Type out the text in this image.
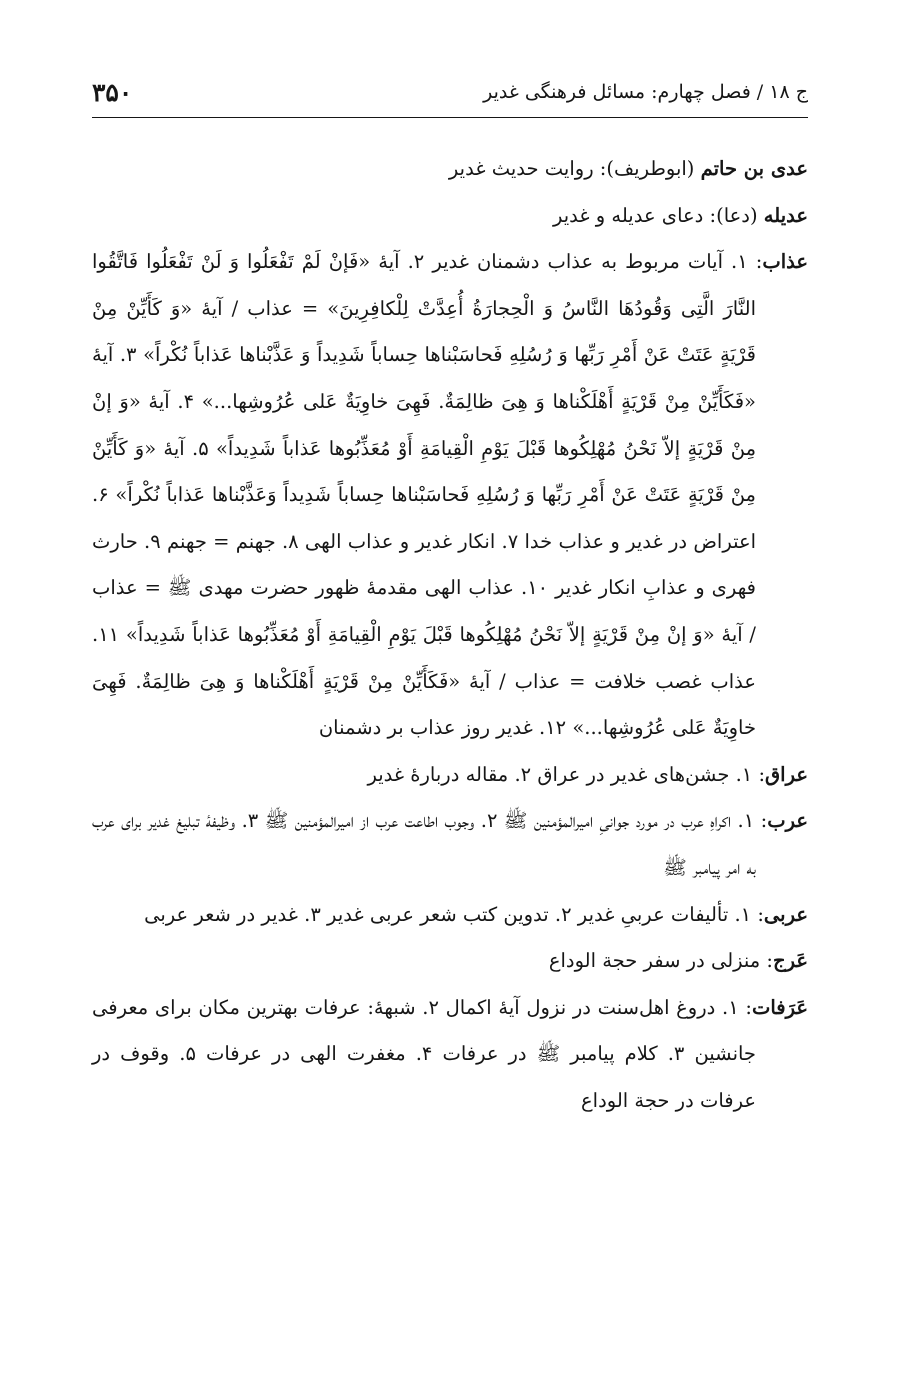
ج ۱۸ / فصل چهارم: مسائل فرهنگی غدیر
۳۵۰

عدی بن حاتم (ابوطریف): روایت حدیث غدیر

عدیله (دعا): دعای عدیله و غدیر

عذاب: ۱. آیات مربوط به عذاب دشمنان غدیر ۲. آیهٔ «فَإنْ لَمْ تَفْعَلُوا وَ لَنْ تَفْعَلُوا فَاتَّقُوا النَّارَ الَّتِی وَقُودُهَا النَّاسُ وَ الْحِجارَةُ أُعِدَّتْ لِلْکافِرِینَ» = عذاب / آیهٔ «وَ کَأَیِّنْ مِنْ قَرْیَةٍ عَتَتْ عَنْ أَمْرِ رَبِّها وَ رُسُلِهِ فَحاسَبْناها حِساباً شَدِیداً وَ عَذَّبْناها عَذاباً نُکْراً» ۳. آیهٔ «فَکَأَیِّنْ مِنْ قَرْیَةٍ أَهْلَکْناها وَ هِیَ ظالِمَةٌ. فَهِیَ خاوِیَةٌ عَلی عُرُوشِها...» ۴. آیهٔ «وَ إنْ مِنْ قَرْیَةٍ إلاّ نَحْنُ مُهْلِکُوها قَبْلَ یَوْمِ الْقِیامَةِ أَوْ مُعَذِّبُوها عَذاباً شَدِیداً» ۵. آیهٔ «وَ کَأَیِّنْ مِنْ قَرْیَةٍ عَتَتْ عَنْ أَمْرِ رَبِّها وَ رُسُلِهِ فَحاسَبْناها حِساباً شَدِیداً وَعَذَّبْناها عَذاباً نُکْراً» ۶. اعتراض در غدیر و عذاب خدا ۷. انکار غدیر و عذاب الهی ۸. جهنم = جهنم ۹. حارث فهری و عذابِ انکار غدیر ۱۰. عذاب الهی مقدمهٔ ظهور حضرت مهدی ﷺ = عذاب / آیهٔ «وَ إنْ مِنْ قَرْیَةٍ إلاّ نَحْنُ مُهْلِکُوها قَبْلَ یَوْمِ الْقِیامَةِ أَوْ مُعَذِّبُوها عَذاباً شَدِیداً» ۱۱. عذاب غصب خلافت = عذاب / آیهٔ «فَکَأَیِّنْ مِنْ قَرْیَةٍ أَهْلَکْناها وَ هِیَ ظالِمَةٌ. فَهِیَ خاوِیَةٌ عَلی عُرُوشِها...» ۱۲. غدیر روز عذاب بر دشمنان

عراق: ۱. جشن‌های غدیر در عراق ۲. مقاله دربارهٔ غدیر

عرب: ۱. اکراهِ عرب در مورد جوانیِ امیرالمؤمنین ﷺ ۲. وجوب اطاعت عرب از امیرالمؤمنین ﷺ ۳. وظیفهٔ تبلیغ غدیر برای عرب به امر پیامبر ﷺ

عربی: ۱. تألیفات عربیِ غدیر ۲. تدوین کتب شعر عربی غدیر ۳. غدیر در شعر عربی

عَرج: منزلی در سفر حجة الوداع

عَرَفات: ۱. دروغ اهل‌سنت در نزول آیهٔ اکمال ۲. شبههٔ: عرفات بهترین مکان برای معرفی جانشین ۳. کلام پیامبر ﷺ در عرفات ۴. مغفرت الهی در عرفات ۵. وقوف در عرفات در حجة الوداع
